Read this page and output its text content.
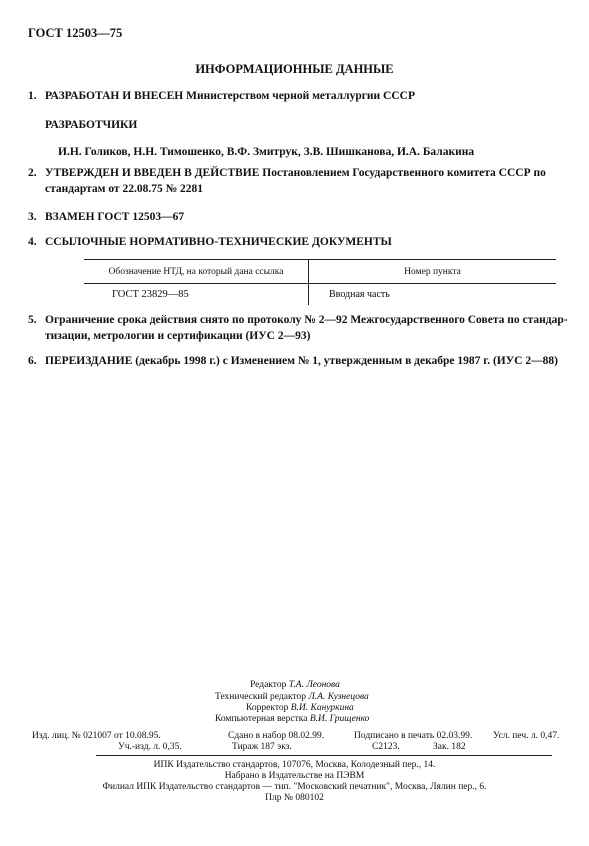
ГОСТ 12503—75
ИНФОРМАЦИОННЫЕ ДАННЫЕ
1. РАЗРАБОТАН И ВНЕСЕН Министерством черной металлургии СССР
РАЗРАБОТЧИКИ
И.Н. Голиков, Н.Н. Тимошенко, В.Ф. Змитрук, З.В. Шишканова, И.А. Балакина
2. УТВЕРЖДЕН И ВВЕДЕН В ДЕЙСТВИЕ Постановлением Государственного комитета СССР по
стандартам от 22.08.75 № 2281
3. ВЗАМЕН ГОСТ 12503—67
4. ССЫЛОЧНЫЕ НОРМАТИВНО-ТЕХНИЧЕСКИЕ ДОКУМЕНТЫ
Обозначение НТД, на который дана ссылка	Номер пункта
ГОСТ 23829—85	Вводная часть
5. Ограничение срока действия снято по протоколу № 2—92 Межгосударственного Совета по стандар-
тизации, метрологии и сертификации (ИУС 2—93)
6. ПЕРЕИЗДАНИЕ (декабрь 1998 г.) с Изменением № 1, утвержденным в декабре 1987 г. (ИУС 2—88)
Редактор Т.А. Леонова
Технический редактор Л.А. Кузнецова
Корректор В.И. Кануркина
Компьютерная верстка В.И. Грищенко
Изд. лиц. № 021007 от 10.08.95.	Сдано в набор 08.02.99.	Подписано в печать 02.03.99. Усл. печ. л. 0,47.
Уч.-изд. л. 0,35.	Тираж 187 экз.	С2123.	Зак. 182
ИПК Издательство стандартов, 107076, Москва, Колодезный пер., 14.
Набрано в Издательстве на ПЭВМ
Филиал ИПК Издательство стандартов — тип. "Московский печатник", Москва, Лялин пер., 6.
Плр № 080102
